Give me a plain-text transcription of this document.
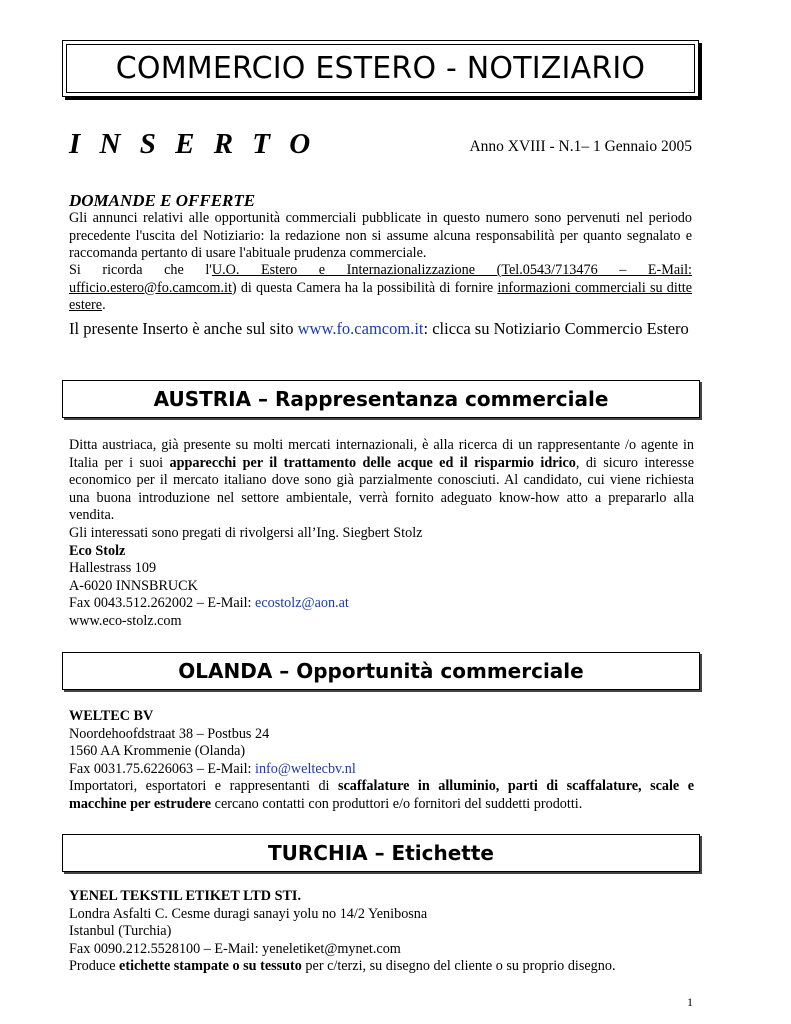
COMMERCIO ESTERO - NOTIZIARIO
I N S E R T O	Anno XVIII - N.1– 1 Gennaio 2005
DOMANDE E OFFERTE
Gli annunci relativi alle opportunità commerciali pubblicate in questo numero sono pervenuti nel periodo precedente l'uscita del Notiziario: la redazione non si assume alcuna responsabilità per quanto segnalato e raccomanda pertanto di usare l'abituale prudenza commerciale.
Si ricorda che l'U.O. Estero e Internazionalizzazione (Tel.0543/713476 – E-Mail: ufficio.estero@fo.camcom.it) di questa Camera ha la possibilità di fornire informazioni commerciali su ditte estere.
Il presente Inserto è anche sul sito www.fo.camcom.it: clicca su Notiziario Commercio Estero
AUSTRIA – Rappresentanza commerciale
Ditta austriaca, già presente su molti mercati internazionali, è alla ricerca di un rappresentante /o agente in Italia per i suoi apparecchi per il trattamento delle acque ed il risparmio idrico, di sicuro interesse economico per il mercato italiano dove sono già parzialmente conosciuti. Al candidato, cui viene richiesta una buona introduzione nel settore ambientale, verrà fornito adeguato know-how atto a prepararlo alla vendita.
Gli interessati sono pregati di rivolgersi all’Ing. Siegbert Stolz
Eco Stolz
Hallestrass 109
A-6020 INNSBRUCK
Fax 0043.512.262002 – E-Mail: ecostolz@aon.at
www.eco-stolz.com
OLANDA – Opportunità commerciale
WELTEC BV
Noordehoofdstraat 38 – Postbus 24
1560 AA Krommenie (Olanda)
Fax 0031.75.6226063 – E-Mail: info@weltecbv.nl
Importatori, esportatori e rappresentanti di scaffalature in alluminio, parti di scaffalature, scale e macchine per estrudere cercano contatti con produttori e/o fornitori del suddetti prodotti.
TURCHIA – Etichette
YENEL TEKSTIL ETIKET LTD STI.
Londra Asfalti C. Cesme duragi sanayi yolu no 14/2 Yenibosna
Istanbul (Turchia)
Fax 0090.212.5528100 – E-Mail: yeneletiket@mynet.com
Produce etichette stampate o su tessuto per c/terzi, su disegno del cliente o su proprio disegno.
1
